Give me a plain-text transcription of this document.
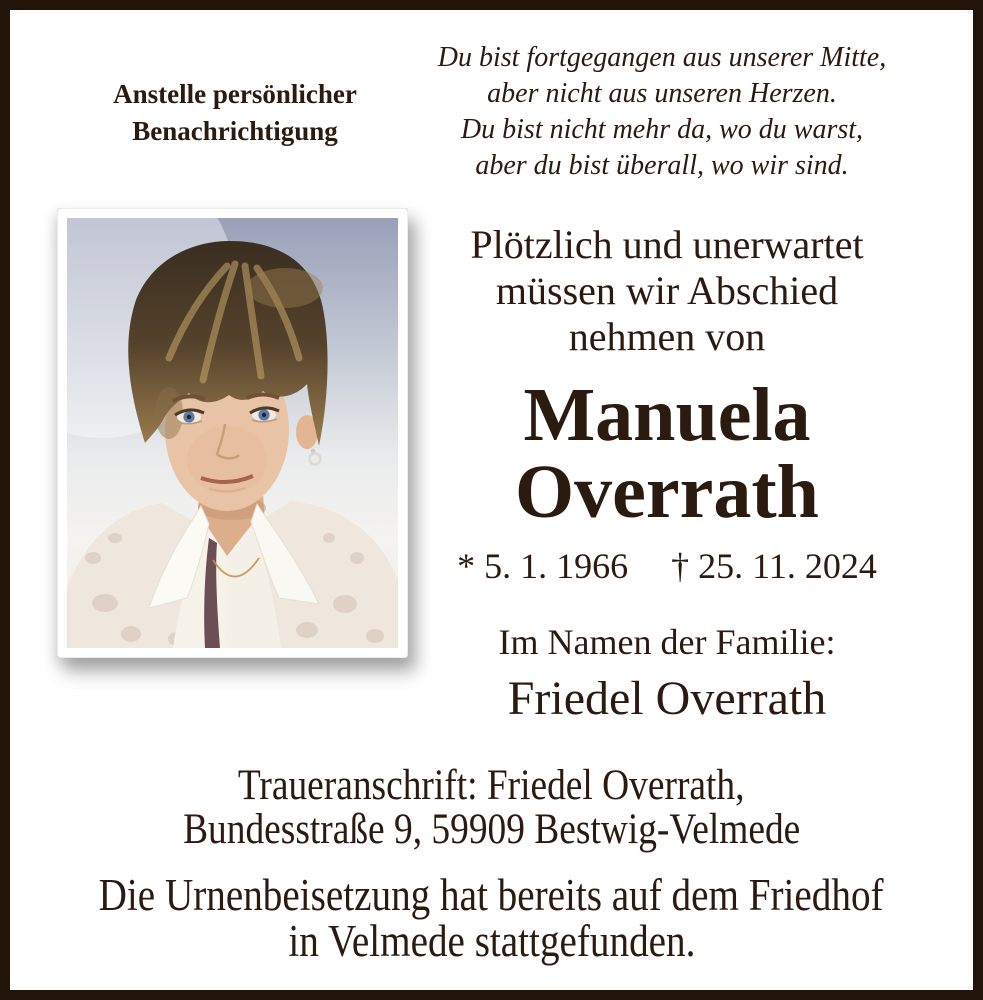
Anstelle persönlicher
Benachrichtigung
Du bist fortgegangen aus unserer Mitte,
aber nicht aus unseren Herzen.
Du bist nicht mehr da, wo du warst,
aber du bist überall, wo wir sind.
Plötzlich und unerwartet
müssen wir Abschied
nehmen von
Manuela
Overrath
* 5. 1. 1966 † 25. 11. 2024
Im Namen der Familie:
Friedel Overrath
Traueranschrift: Friedel Overrath,
Bundesstraße 9, 59909 Bestwig-Velmede
Die Urnenbeisetzung hat bereits auf dem Friedhof
in Velmede stattgefunden.
